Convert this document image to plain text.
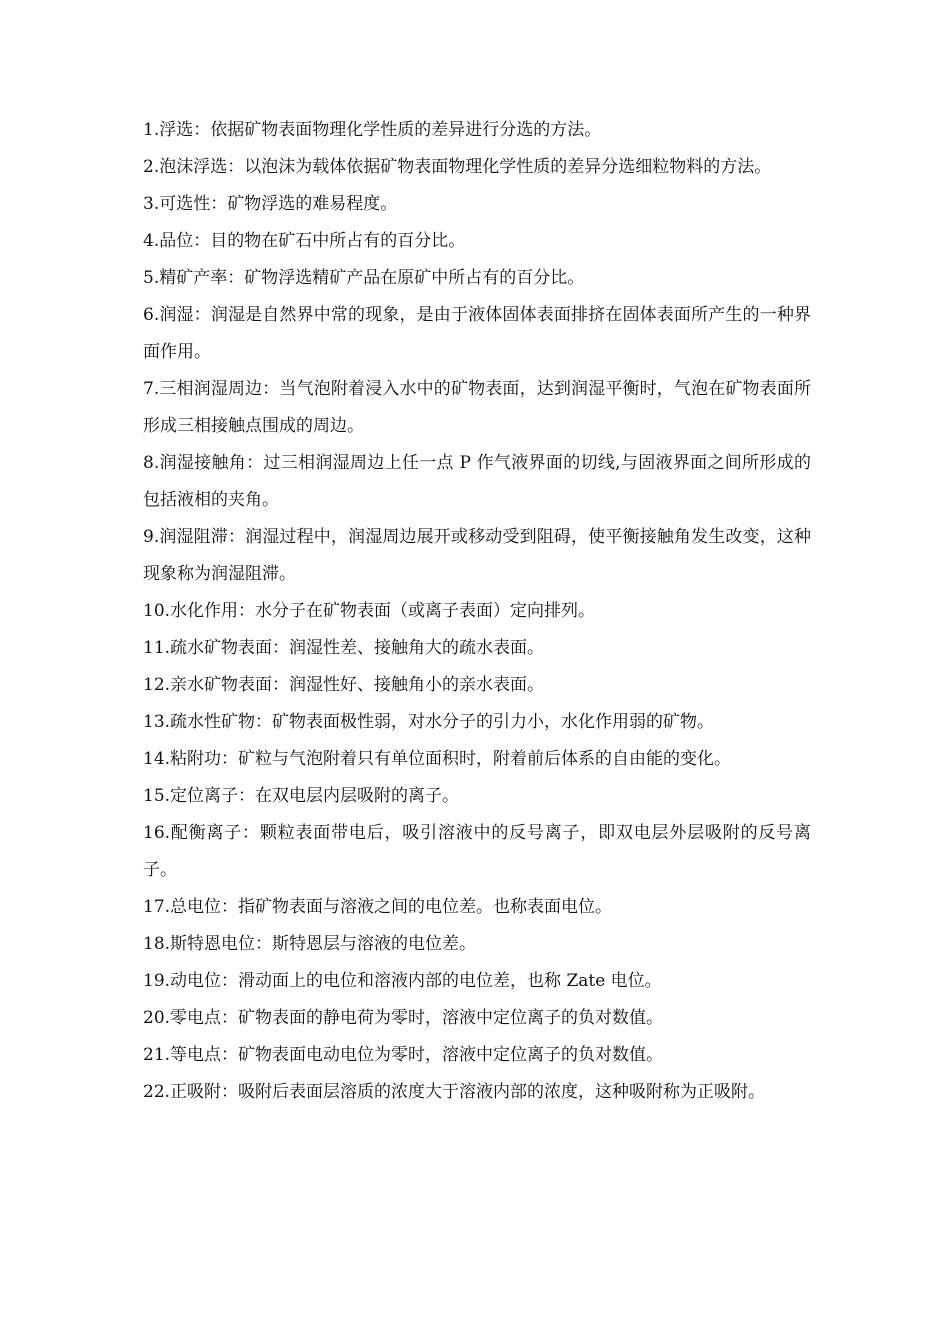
1.浮选：依据矿物表面物理化学性质的差异进行分选的方法。

2.泡沫浮选：以泡沫为载体依据矿物表面物理化学性质的差异分选细粒物料的方法。

3.可选性：矿物浮选的难易程度。

4.品位：目的物在矿石中所占有的百分比。

5.精矿产率：矿物浮选精矿产品在原矿中所占有的百分比。

6.润湿：润湿是自然界中常的现象，是由于液体固体表面排挤在固体表面所产生的一种界面作用。

7.三相润湿周边：当气泡附着浸入水中的矿物表面，达到润湿平衡时，气泡在矿物表面所形成三相接触点围成的周边。

8.润湿接触角：过三相润湿周边上任一点 P 作气液界面的切线,与固液界面之间所形成的包括液相的夹角。

9.润湿阻滞：润湿过程中，润湿周边展开或移动受到阻碍，使平衡接触角发生改变，这种现象称为润湿阻滞。

10.水化作用：水分子在矿物表面（或离子表面）定向排列。

11.疏水矿物表面：润湿性差、接触角大的疏水表面。

12.亲水矿物表面：润湿性好、接触角小的亲水表面。

13.疏水性矿物：矿物表面极性弱，对水分子的引力小，水化作用弱的矿物。

14.粘附功：矿粒与气泡附着只有单位面积时，附着前后体系的自由能的变化。

15.定位离子：在双电层内层吸附的离子。

16.配衡离子：颗粒表面带电后，吸引溶液中的反号离子，即双电层外层吸附的反号离子。

17.总电位：指矿物表面与溶液之间的电位差。也称表面电位。

18.斯特恩电位：斯特恩层与溶液的电位差。

19.动电位：滑动面上的电位和溶液内部的电位差，也称 Zate 电位。

20.零电点：矿物表面的静电荷为零时，溶液中定位离子的负对数值。

21.等电点：矿物表面电动电位为零时，溶液中定位离子的负对数值。

22.正吸附：吸附后表面层溶质的浓度大于溶液内部的浓度，这种吸附称为正吸附。
